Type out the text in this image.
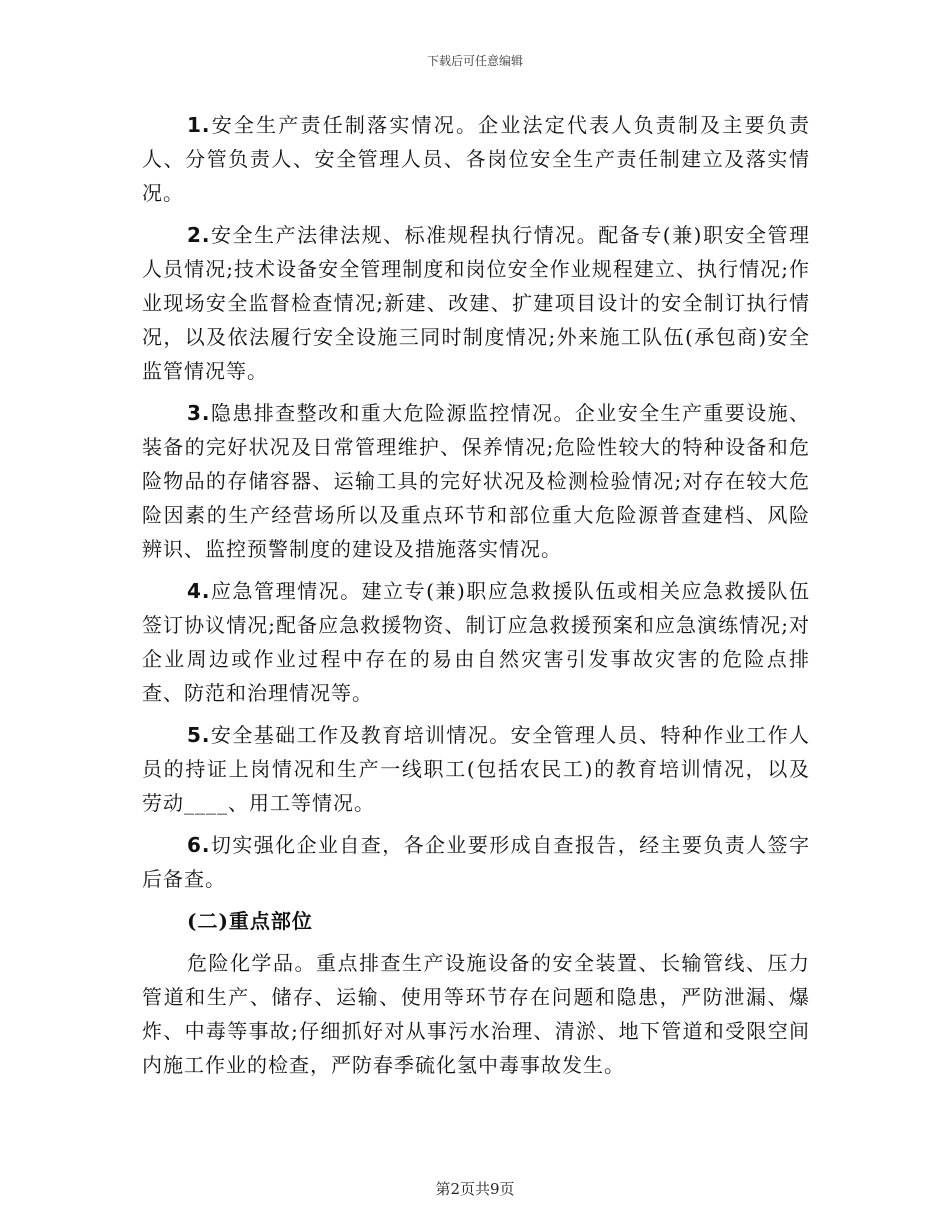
下载后可任意编辑

1.安全生产责任制落实情况。企业法定代表人负责制及主要负责人、分管负责人、安全管理人员、各岗位安全生产责任制建立及落实情况。

2.安全生产法律法规、标准规程执行情况。配备专(兼)职安全管理人员情况;技术设备安全管理制度和岗位安全作业规程建立、执行情况;作业现场安全监督检查情况;新建、改建、扩建项目设计的安全制订执行情况，以及依法履行安全设施三同时制度情况;外来施工队伍(承包商)安全监管情况等。

3.隐患排查整改和重大危险源监控情况。企业安全生产重要设施、装备的完好状况及日常管理维护、保养情况;危险性较大的特种设备和危险物品的存储容器、运输工具的完好状况及检测检验情况;对存在较大危险因素的生产经营场所以及重点环节和部位重大危险源普查建档、风险辨识、监控预警制度的建设及措施落实情况。

4.应急管理情况。建立专(兼)职应急救援队伍或相关应急救援队伍签订协议情况;配备应急救援物资、制订应急救援预案和应急演练情况;对企业周边或作业过程中存在的易由自然灾害引发事故灾害的危险点排查、防范和治理情况等。

5.安全基础工作及教育培训情况。安全管理人员、特种作业工作人员的持证上岗情况和生产一线职工(包括农民工)的教育培训情况，以及劳动____、用工等情况。

6.切实强化企业自查，各企业要形成自查报告，经主要负责人签字后备查。

(二)重点部位

危险化学品。重点排查生产设施设备的安全装置、长输管线、压力管道和生产、储存、运输、使用等环节存在问题和隐患，严防泄漏、爆炸、中毒等事故;仔细抓好对从事污水治理、清淤、地下管道和受限空间内施工作业的检查，严防春季硫化氢中毒事故发生。

第2页共9页
